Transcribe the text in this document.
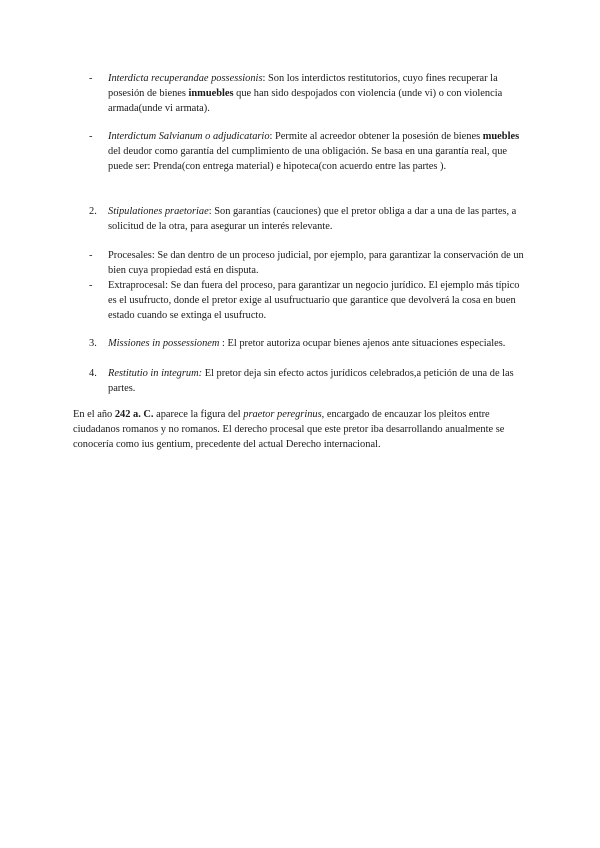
- Interdicta recuperandae possessionis: Son los interdictos restitutorios, cuyo fines recuperar la posesión de bienes inmuebles que han sido despojados con violencia (unde vi) o con violencia armada(unde vi armata).

- Interdictum Salvianum o adjudicatario: Permite al acreedor obtener la posesión de bienes muebles del deudor como garantía del cumplimiento de una obligación. Se basa en una garantía real, que puede ser: Prenda(con entrega material) e hipoteca(con acuerdo entre las partes ).

2. Stipulationes praetoriae: Son garantías (cauciones) que el pretor obliga a dar a una de las partes, a solicitud de la otra, para asegurar un interés relevante.

- Procesales: Se dan dentro de un proceso judicial, por ejemplo, para garantizar la conservación de un bien cuya propiedad está en disputa.

- Extraprocesal: Se dan fuera del proceso, para garantizar un negocio jurídico. El ejemplo más típico es el usufructo, donde el pretor exige al usufructuario que garantice que devolverá la cosa en buen estado cuando se extinga el usufructo.

3. Missiones in possessionem : El pretor autoriza ocupar bienes ajenos ante situaciones especiales.

4. Restitutio in integrum: El pretor deja sin efecto actos jurídicos celebrados,a petición de una de las partes.

En el año 242 a. C. aparece la figura del praetor peregrinus, encargado de encauzar los pleitos entre ciudadanos romanos y no romanos. El derecho procesal que este pretor iba desarrollando anualmente se conocería como ius gentium, precedente del actual Derecho internacional.
